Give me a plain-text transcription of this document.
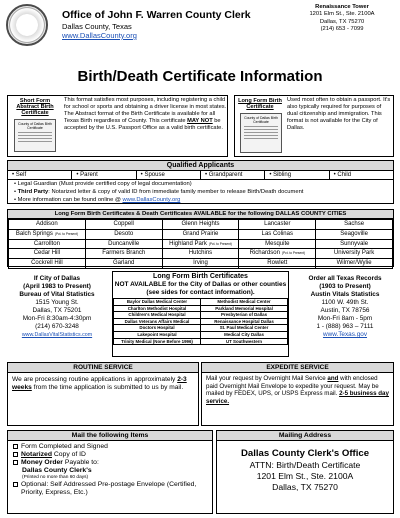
Office of John F. Warren County Clerk
Dallas County, Texas
www.DallasCounty.org
Renaissance Tower
1201 Elm St., Ste. 2100A
Dallas, TX 75270
(214) 653 - 7099
Birth/Death Certificate Information
Short Form Abstract Birth Certificate
County of Dallas Birth Certificate
This format satisfies most purposes, including registering a child for school or sports and obtaining a driver license in most states. The Abstract format of the Birth Certificate is available for all Texas Birth regardless of County. This certificate MAY NOT be accepted by the U.S. Passport Office as a valid birth certificate.
Long Form Birth Certificate
County of Dallas Birth Certificate
Used most often to obtain a passport. It's also typically required for purposes of dual citizenship and immigration. This format is not available for the City of Dallas.
Qualified Applicants
• Self	• Parent	• Spouse	• Grandparent	• Sibling	• Child
• Legal Guardian (Must provide certified copy of legal documentation)
• Third Party: Notarized letter & copy of valid ID from immediate family member to release Birth/Death document
• More information can be found online @ www.DallasCounty.org
Long Form Birth Certificates & Death Certificates AVAILABLE for the following DALLAS COUNTY CITIES
Addison	Coppell	Glenn Heights	Lancaster	Sachse
Balch Springs (Pct. to Present)	Desoto	Grand Prairie	Las Colinas	Seagoville
Carrollton	Duncanville	Highland Park (Pct. to Present)	Mesquite	Sunnyvale
Cedar Hill	Farmers Branch	Hutchins	Richardson (Pct. to Present)	University Park
Cockrell Hill	Garland	Irving	Rowlett	Wilmer/Wylie
If City of Dallas
(April 1983 to Present)
Bureau of Vital Statistics
1515 Young St.
Dallas, TX 75201
Mon-Fri 8:30am-4:30pm
(214) 670-3248
www.DallasVitalStatistics.com
Long Form Birth Certificates
NOT AVAILABLE for the City of Dallas or other counties (see sides for contact information).
Baylor Dallas Medical Center	Methodist Medical Center
Charlton Methodist Hospital	Parkland Memorial Hospital
Children's Medical Hospital	Presbyterian of Dallas
Dallas Veterans Affairs Medical	Renaissance Hospital Dallas
Doctors Hospital	St. Paul Medical Center
Lakepoint Hospital	Medical City Dallas
Trinity Medical (None Before 1996)	UT Southwestern
Order all Texas Records
(1903 to Present)
Austin Vitals Statistics
1100 W. 49th St.
Austin, TX 78756
Mon-Fri 8am - 5pm
1 - (888) 963 – 7111
www.Texas.gov
ROUTINE SERVICE
We are processing routine applications in approximately 2-3 weeks from the time application is submitted to us by mail.
EXPEDITE SERVICE
Mail your request by Overnight Mail Service and with enclosed paid Overnight Mail Envelope to expedite your request. May be mailed by FEDEX, UPS, or USPS Express mail. 2-5 business day service.
Mail the following Items
Form Completed and Signed
Notarized Copy of ID
Money Order Payable to:
Dallas County Clerk's
(Printed no more than 60 days)
Optional: Self Addressed Pre-postage Envelope (Certified, Priority, Express, Etc.)
Mailing Address
Dallas County Clerk's Office
ATTN: Birth/Death Certificate
1201 Elm St., Ste. 2100A
Dallas, TX 75270
